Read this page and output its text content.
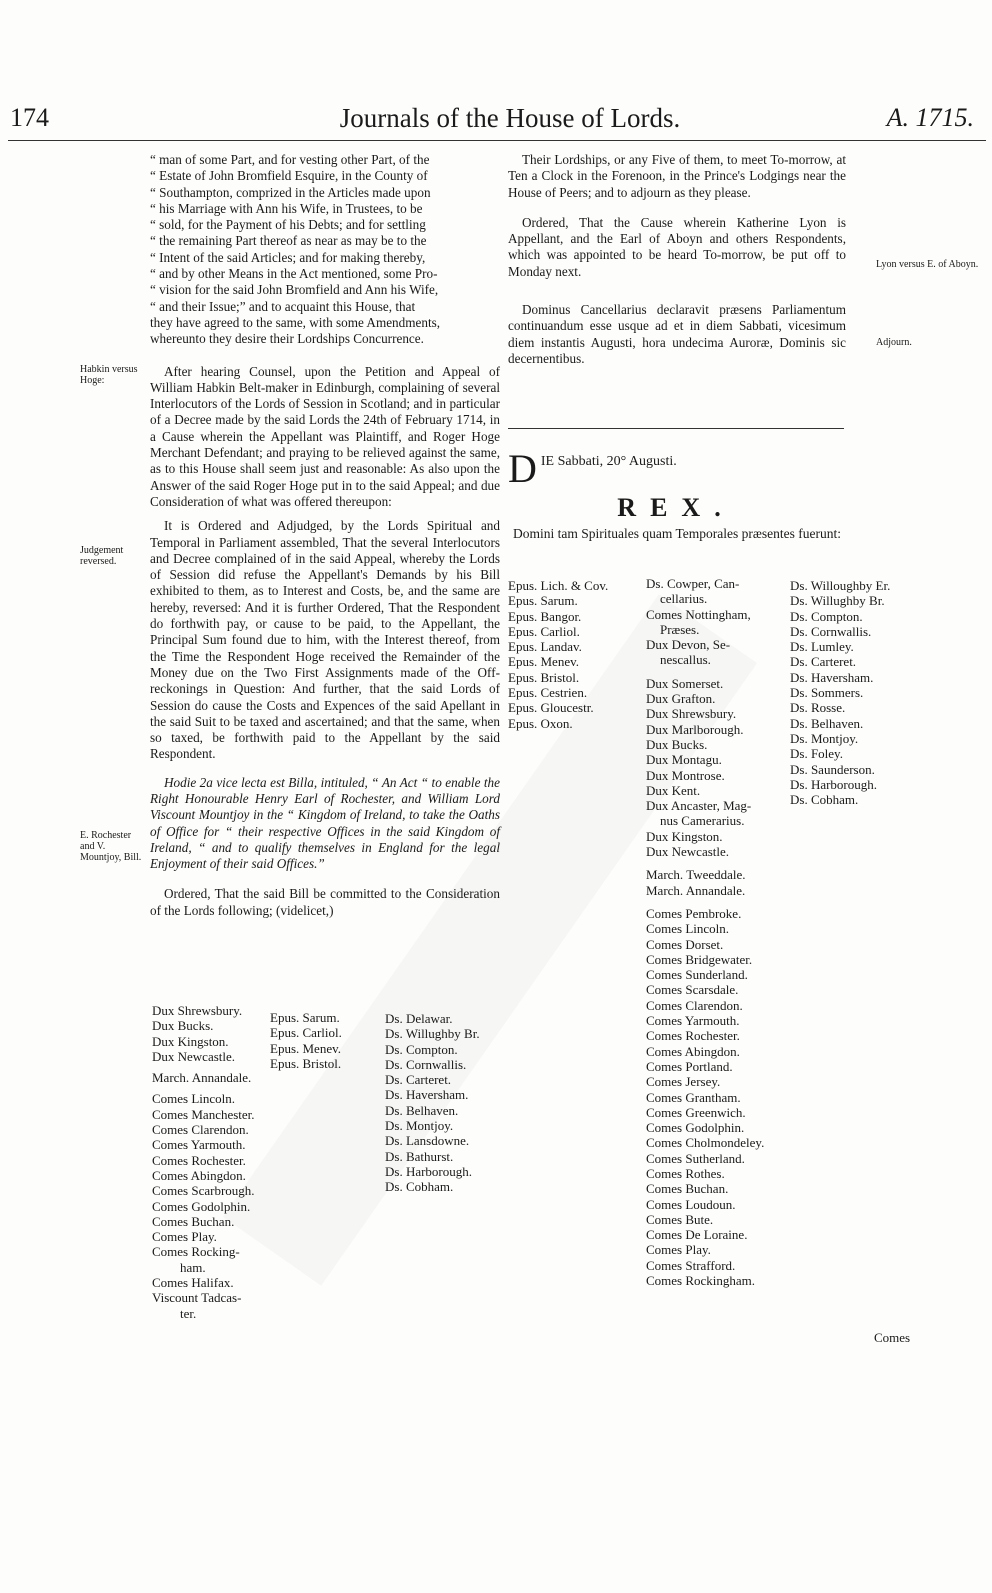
174	Journals of the House of Lords.	A. 1715.
“ man of some Part, and for vesting other Part, of the
“ Estate of John Bromfield Esquire, in the County of
“ Southampton, comprized in the Articles made upon
“ his Marriage with Ann his Wife, in Trustees, to be
“ sold, for the Payment of his Debts; and for settling
“ the remaining Part thereof as near as may be to the
“ Intent of the said Articles; and for making thereby,
“ and by other Means in the Act mentioned, some Pro-
“ vision for the said John Bromfield and Ann his Wife,
“ and their Issue;” and to acquaint this House, that
they have agreed to the same, with some Amendments,
whereunto they desire their Lordships Concurrence.

After hearing Counsel, upon the Petition and Appeal of William Habkin Belt-maker in Edinburgh, complaining of several Interlocutors of the Lords of Session in Scotland; and in particular of a Decree made by the said Lords the 24th of February 1714, in a Cause wherein the Appellant was Plaintiff, and Roger Hoge Merchant Defendant; and praying to be relieved against the same, as to this House shall seem just and reasonable: As also upon the Answer of the said Roger Hoge put in to the said Appeal; and due Consideration of what was offered thereupon:

It is Ordered and Adjudged, by the Lords Spiritual and Temporal in Parliament assembled, That the several Interlocutors and Decree complained of in the said Appeal, whereby the Lords of Session did refuse the Appellant's Demands by his Bill exhibited to them, as to Interest and Costs, be, and the same are hereby, reversed: And it is further Ordered, That the Respondent do forthwith pay, or cause to be paid, to the Appellant, the Principal Sum found due to him, with the Interest thereof, from the Time the Respondent Hoge received the Remainder of the Money due on the Two First Assignments made of the Off-reckonings in Question: And further, that the said Lords of Session do cause the Costs and Expences of the said Apellant in the said Suit to be taxed and ascertained; and that the same, when so taxed, be forthwith paid to the Appellant by the said Respondent.

Hodie 2a vice lecta est Billa, intituled, “ An Act “ to enable the Right Honourable Henry Earl of Rochester, and William Lord Viscount Mountjoy in the “ Kingdom of Ireland, to take the Oaths of Office for “ their respective Offices in the said Kingdom of Ireland, “ and to qualify themselves in England for the legal Enjoyment of their said Offices.”

Ordered, That the said Bill be committed to the Consideration of the Lords following; (videlicet,)

Habkin versus Hoge:
Judgement reversed.
E. Rochester and V. Mountjoy, Bill.
Dux Shrewsbury.
Dux Bucks.
Dux Kingston.
Dux Newcastle.
March. Annandale.
Comes Lincoln.
Comes Manchester.
Comes Clarendon.
Comes Yarmouth.
Comes Rochester.
Comes Abingdon.
Comes Scarbrough.
Comes Godolphin.
Comes Buchan.
Comes Play.
Comes Rocking-
ham.
Comes Halifax.
Viscount Tadcas-
ter.
Epus. Sarum.
Epus. Carliol.
Epus. Menev.
Epus. Bristol.
Ds. Delawar.
Ds. Willughby Br.
Ds. Compton.
Ds. Cornwallis.
Ds. Carteret.
Ds. Haversham.
Ds. Belhaven.
Ds. Montjoy.
Ds. Lansdowne.
Ds. Bathurst.
Ds. Harborough.
Ds. Cobham.

Their Lordships, or any Five of them, to meet To-morrow, at Ten a Clock in the Forenoon, in the Prince's Lodgings near the House of Peers; and to adjourn as they please.

Ordered, That the Cause wherein Katherine Lyon is Appellant, and the Earl of Aboyn and others Respondents, which was appointed to be heard To-morrow, be put off to Monday next.

Dominus Cancellarius declaravit præsens Parliamentum continuandum esse usque ad et in diem Sabbati, vicesimum diem instantis Augusti, hora undecima Auroræ, Dominis sic decernentibus.

Lyon versus E. of Aboyn.
Adjourn.
D IE Sabbati, 20° Augusti.
REX.
Domini tam Spirituales quam Temporales præsentes fuerunt:
Epus. Lich. & Cov.
Epus. Sarum.
Epus. Bangor.
Epus. Carliol.
Epus. Landav.
Epus. Menev.
Epus. Bristol.
Epus. Cestrien.
Epus. Gloucestr.
Epus. Oxon.
Ds. Cowper, Can-
cellarius.
Comes Nottingham,
Præses.
Dux Devon, Se-
nescallus.
Dux Somerset.
Dux Grafton.
Dux Shrewsbury.
Dux Marlborough.
Dux Bucks.
Dux Montagu.
Dux Montrose.
Dux Kent.
Dux Ancaster, Mag-
nus Camerarius.
Dux Kingston.
Dux Newcastle.
March. Tweeddale.
March. Annandale.
Comes Pembroke.
Comes Lincoln.
Comes Dorset.
Comes Bridgewater.
Comes Sunderland.
Comes Scarsdale.
Comes Clarendon.
Comes Yarmouth.
Comes Rochester.
Comes Abingdon.
Comes Portland.
Comes Jersey.
Comes Grantham.
Comes Greenwich.
Comes Godolphin.
Comes Cholmondeley.
Comes Sutherland.
Comes Rothes.
Comes Buchan.
Comes Loudoun.
Comes Bute.
Comes De Loraine.
Comes Play.
Comes Strafford.
Comes Rockingham.
Ds. Willoughby Er.
Ds. Willughby Br.
Ds. Compton.
Ds. Cornwallis.
Ds. Lumley.
Ds. Carteret.
Ds. Haversham.
Ds. Sommers.
Ds. Rosse.
Ds. Belhaven.
Ds. Montjoy.
Ds. Foley.
Ds. Saunderson.
Ds. Harborough.
Ds. Cobham.
Comes
